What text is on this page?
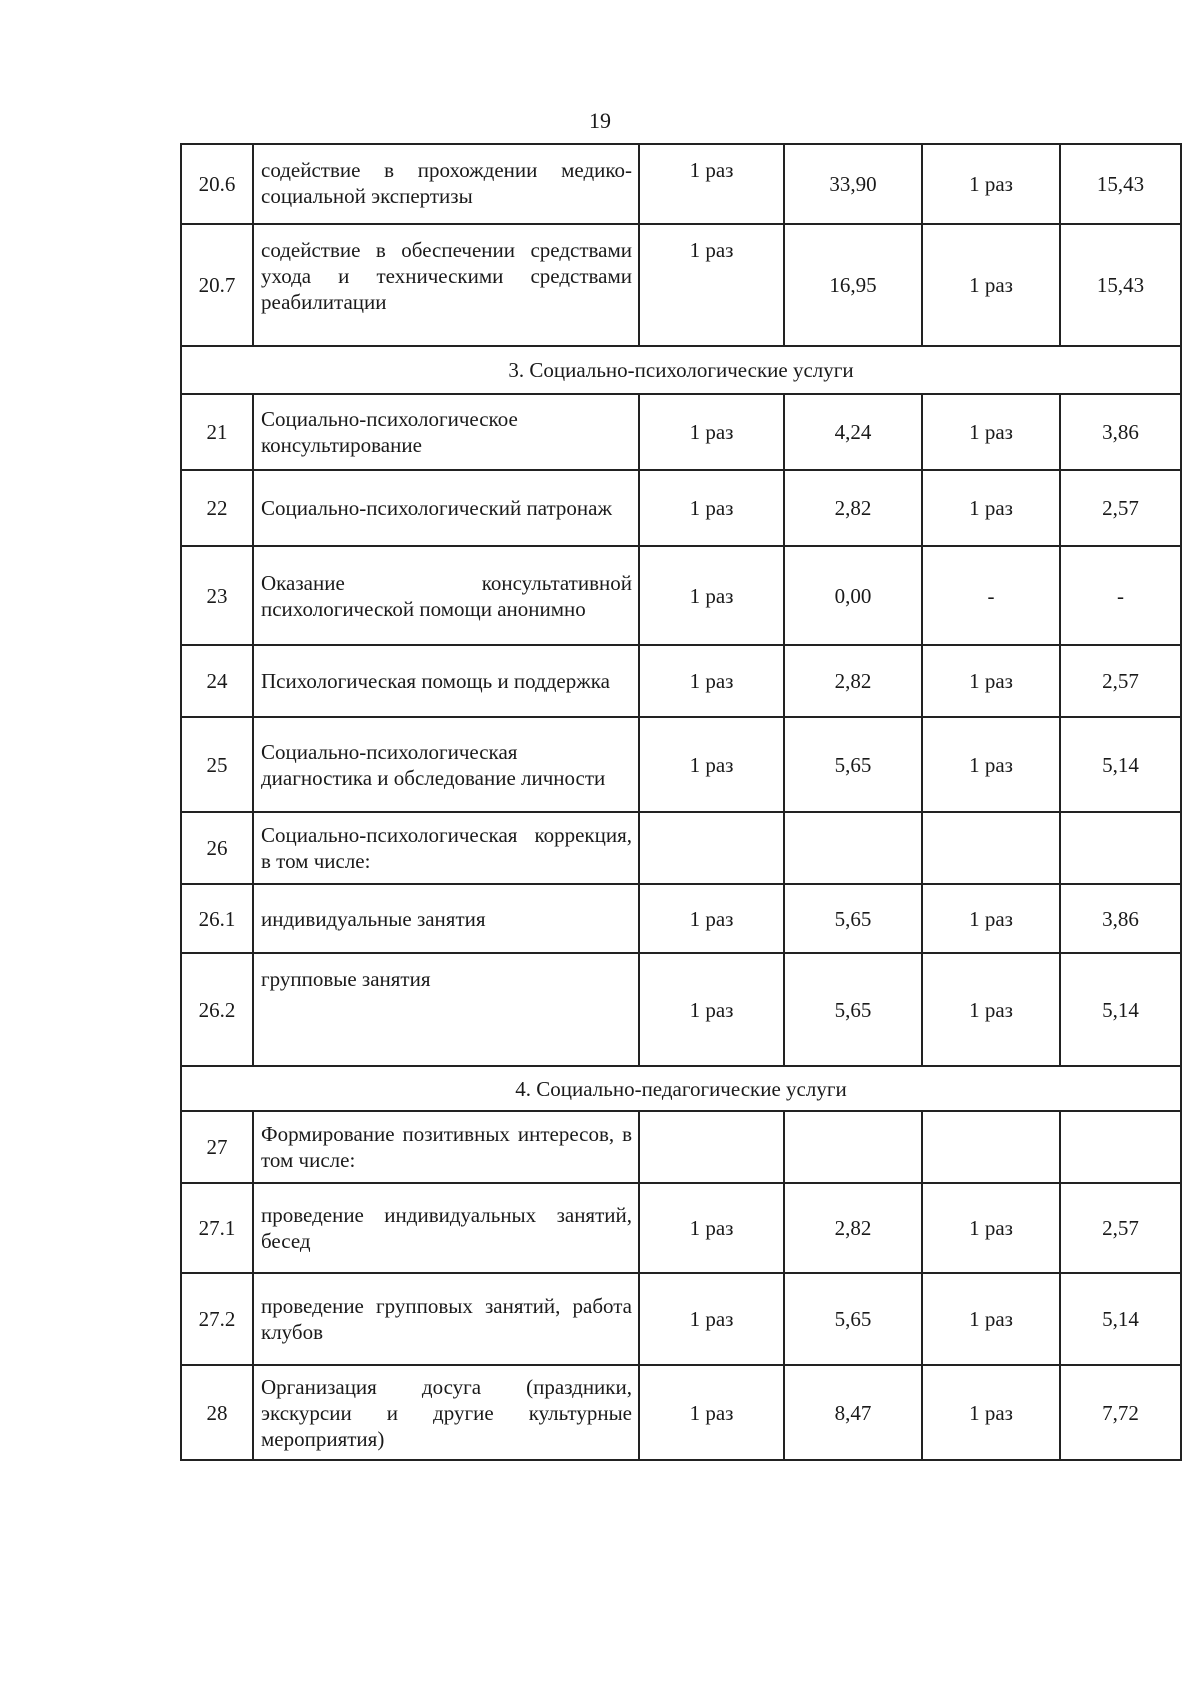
19
20.6	содействие в прохождении медико-социальной экспертизы	1 раз	33,90	1 раз	15,43
20.7	содействие в обеспечении средствами ухода и техническими средствами реабилитации	1 раз	16,95	1 раз	15,43
3. Социально-психологические услуги					
21	Социально-психологическое консультирование	1 раз	4,24	1 раз	3,86
22	Социально-психологический патронаж	1 раз	2,82	1 раз	2,57
23	Оказание консультативной психологической помощи анонимно	1 раз	0,00	-	-
24	Психологическая помощь и поддержка	1 раз	2,82	1 раз	2,57
25	Социально-психологическая диагностика и обследование личности	1 раз	5,65	1 раз	5,14
26	Социально-психологическая коррекция, в том числе:				
26.1	индивидуальные занятия	1 раз	5,65	1 раз	3,86
26.2	групповые занятия	1 раз	5,65	1 раз	5,14
4. Социально-педагогические услуги					
27	Формирование позитивных интересов, в том числе:				
27.1	проведение индивидуальных занятий, бесед	1 раз	2,82	1 раз	2,57
27.2	проведение групповых занятий, работа клубов	1 раз	5,65	1 раз	5,14
28	Организация досуга (праздники, экскурсии и другие культурные мероприятия)	1 раз	8,47	1 раз	7,72
